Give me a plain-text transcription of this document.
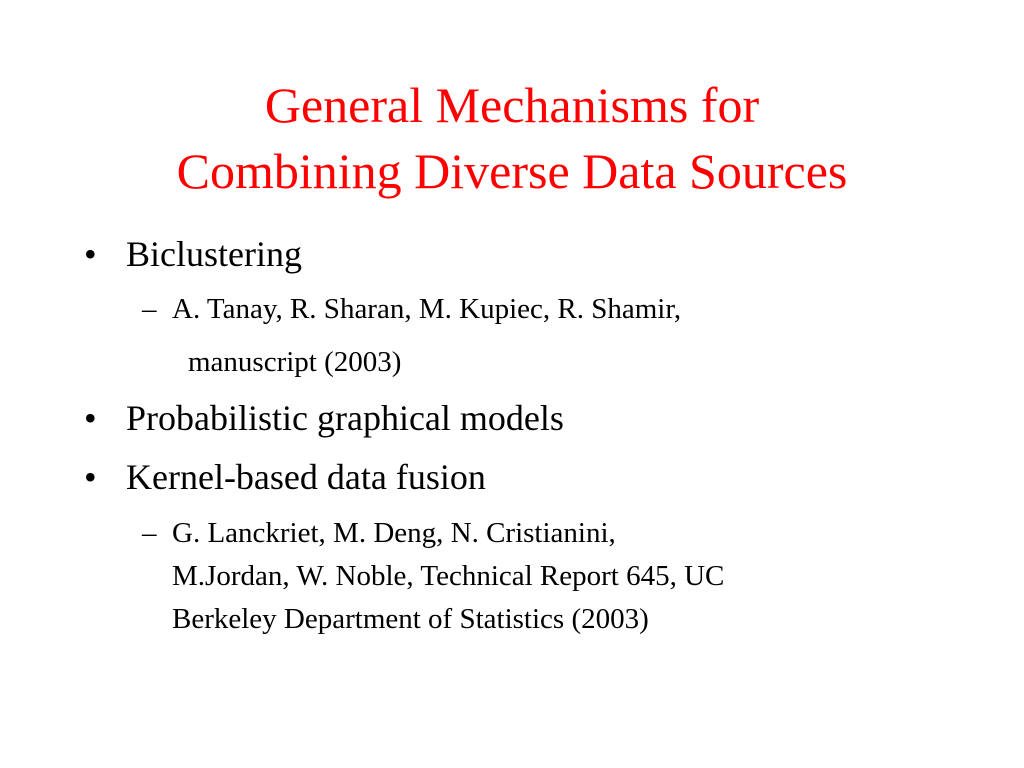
General Mechanisms for
Combining Diverse Data Sources
• Biclustering
– A. Tanay, R. Sharan, M. Kupiec, R. Shamir,
manuscript (2003)
• Probabilistic graphical models
• Kernel-based data fusion
– G. Lanckriet, M. Deng, N. Cristianini,
M.Jordan, W. Noble, Technical Report 645, UC
Berkeley Department of Statistics (2003)
